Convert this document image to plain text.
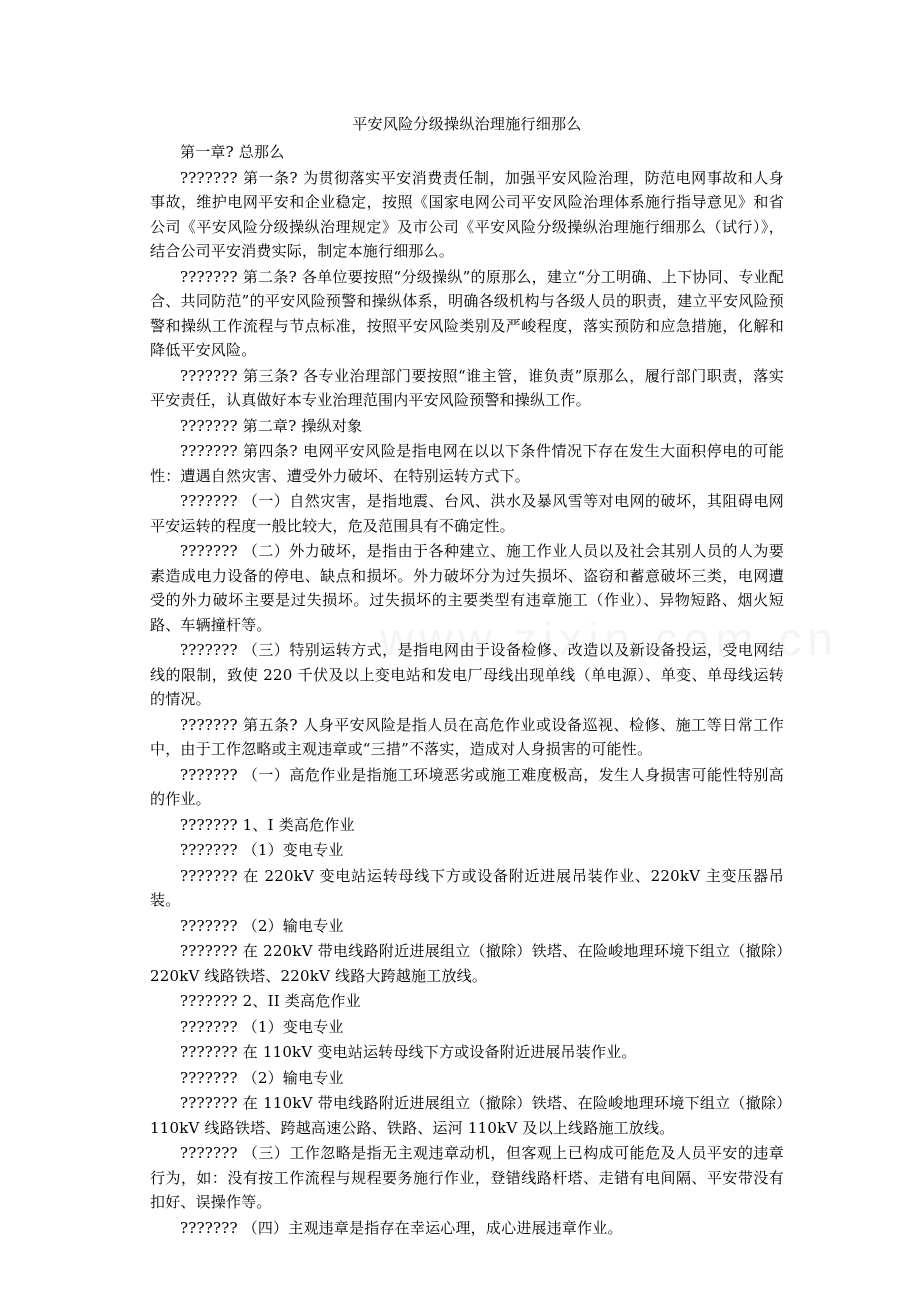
平安风险分级操纵治理施行细那么

第一章? 总那么

??????? 第一条? 为贯彻落实平安消费责任制，加强平安风险治理，防范电网事故和人身事故，维护电网平安和企业稳定，按照《国家电网公司平安风险治理体系施行指导意见》和省公司《平安风险分级操纵治理规定》及市公司《平安风险分级操纵治理施行细那么（试行）》，结合公司平安消费实际，制定本施行细那么。

??????? 第二条? 各单位要按照“分级操纵”的原那么，建立“分工明确、上下协同、专业配合、共同防范”的平安风险预警和操纵体系，明确各级机构与各级人员的职责，建立平安风险预警和操纵工作流程与节点标准，按照平安风险类别及严峻程度，落实预防和应急措施，化解和降低平安风险。

??????? 第三条? 各专业治理部门要按照“谁主管，谁负责”原那么，履行部门职责，落实平安责任，认真做好本专业治理范围内平安风险预警和操纵工作。

??????? 第二章? 操纵对象

??????? 第四条? 电网平安风险是指电网在以以下条件情况下存在发生大面积停电的可能性：遭遇自然灾害、遭受外力破坏、在特别运转方式下。

??????? （一）自然灾害，是指地震、台风、洪水及暴风雪等对电网的破坏，其阻碍电网平安运转的程度一般比较大，危及范围具有不确定性。

??????? （二）外力破坏，是指由于各种建立、施工作业人员以及社会其别人员的人为要素造成电力设备的停电、缺点和损坏。外力破坏分为过失损坏、盗窃和蓄意破坏三类，电网遭受的外力破坏主要是过失损坏。过失损坏的主要类型有违章施工（作业）、异物短路、烟火短路、车辆撞杆等。

??????? （三）特别运转方式，是指电网由于设备检修、改造以及新设备投运，受电网结线的限制，致使 220 千伏及以上变电站和发电厂母线出现单线（单电源）、单变、单母线运转的情况。

??????? 第五条? 人身平安风险是指人员在高危作业或设备巡视、检修、施工等日常工作中，由于工作忽略或主观违章或“三措”不落实，造成对人身损害的可能性。

??????? （一）高危作业是指施工环境恶劣或施工难度极高，发生人身损害可能性特别高的作业。

??????? 1、I 类高危作业

??????? （1）变电专业

??????? 在 220kV 变电站运转母线下方或设备附近进展吊装作业、220kV 主变压器吊装。

??????? （2）输电专业

??????? 在 220kV 带电线路附近进展组立（撤除）铁塔、在险峻地理环境下组立（撤除）220kV 线路铁塔、220kV 线路大跨越施工放线。

??????? 2、II 类高危作业

??????? （1）变电专业

??????? 在 110kV 变电站运转母线下方或设备附近进展吊装作业。

??????? （2）输电专业

??????? 在 110kV 带电线路附近进展组立（撤除）铁塔、在险峻地理环境下组立（撤除）110kV 线路铁塔、跨越高速公路、铁路、运河 110kV 及以上线路施工放线。

??????? （三）工作忽略是指无主观违章动机，但客观上已构成可能危及人员平安的违章行为，如：没有按工作流程与规程要务施行作业，登错线路杆塔、走错有电间隔、平安带没有扣好、误操作等。

??????? （四）主观违章是指存在幸运心理，成心进展违章作业。
